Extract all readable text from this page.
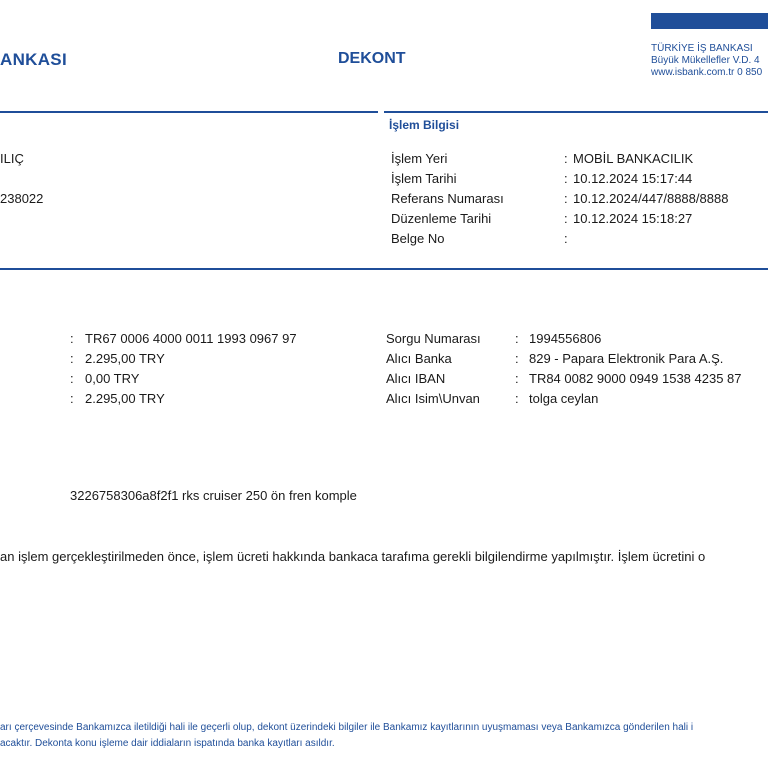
ANKASI	DEKONT
TÜRKİYE İŞ BANKASI
Büyük Mükellefler V.D. 4
www.isbank.com.tr 0 850
ILIÇ
238022
İşlem Bilgisi
İşlem Yeri	: MOBİL BANKACILIK
İşlem Tarihi	: 10.12.2024 15:17:44
Referans Numarası	: 10.12.2024/447/8888/8888
Düzenleme Tarihi	: 10.12.2024 15:18:27
Belge No	:
: TR67 0006 4000 0011 1993 0967 97
: 2.295,00 TRY
: 0,00 TRY
: 2.295,00 TRY
Sorgu Numarası	: 1994556806
Alıcı Banka	: 829 - Papara Elektronik Para A.Ş.
Alıcı IBAN	: TR84 0082 9000 0949 1538 4235 87
Alıcı Isim\Unvan	: tolga ceylan
3226758306a8f2f1 rks cruiser 250 ön fren komple
an işlem gerçekleştirilmeden önce, işlem ücreti hakkında bankaca tarafıma gerekli bilgilendirme yapılmıştır. İşlem ücretini o
arı çerçevesinde Bankamızca iletildiği hali ile geçerli olup, dekont üzerindeki bilgiler ile Bankamız kayıtlarının uyuşmaması veya Bankamızca gönderilen hali i
acaktır. Dekonta konu işleme dair iddiaların ispatında banka kayıtları asıldır.
